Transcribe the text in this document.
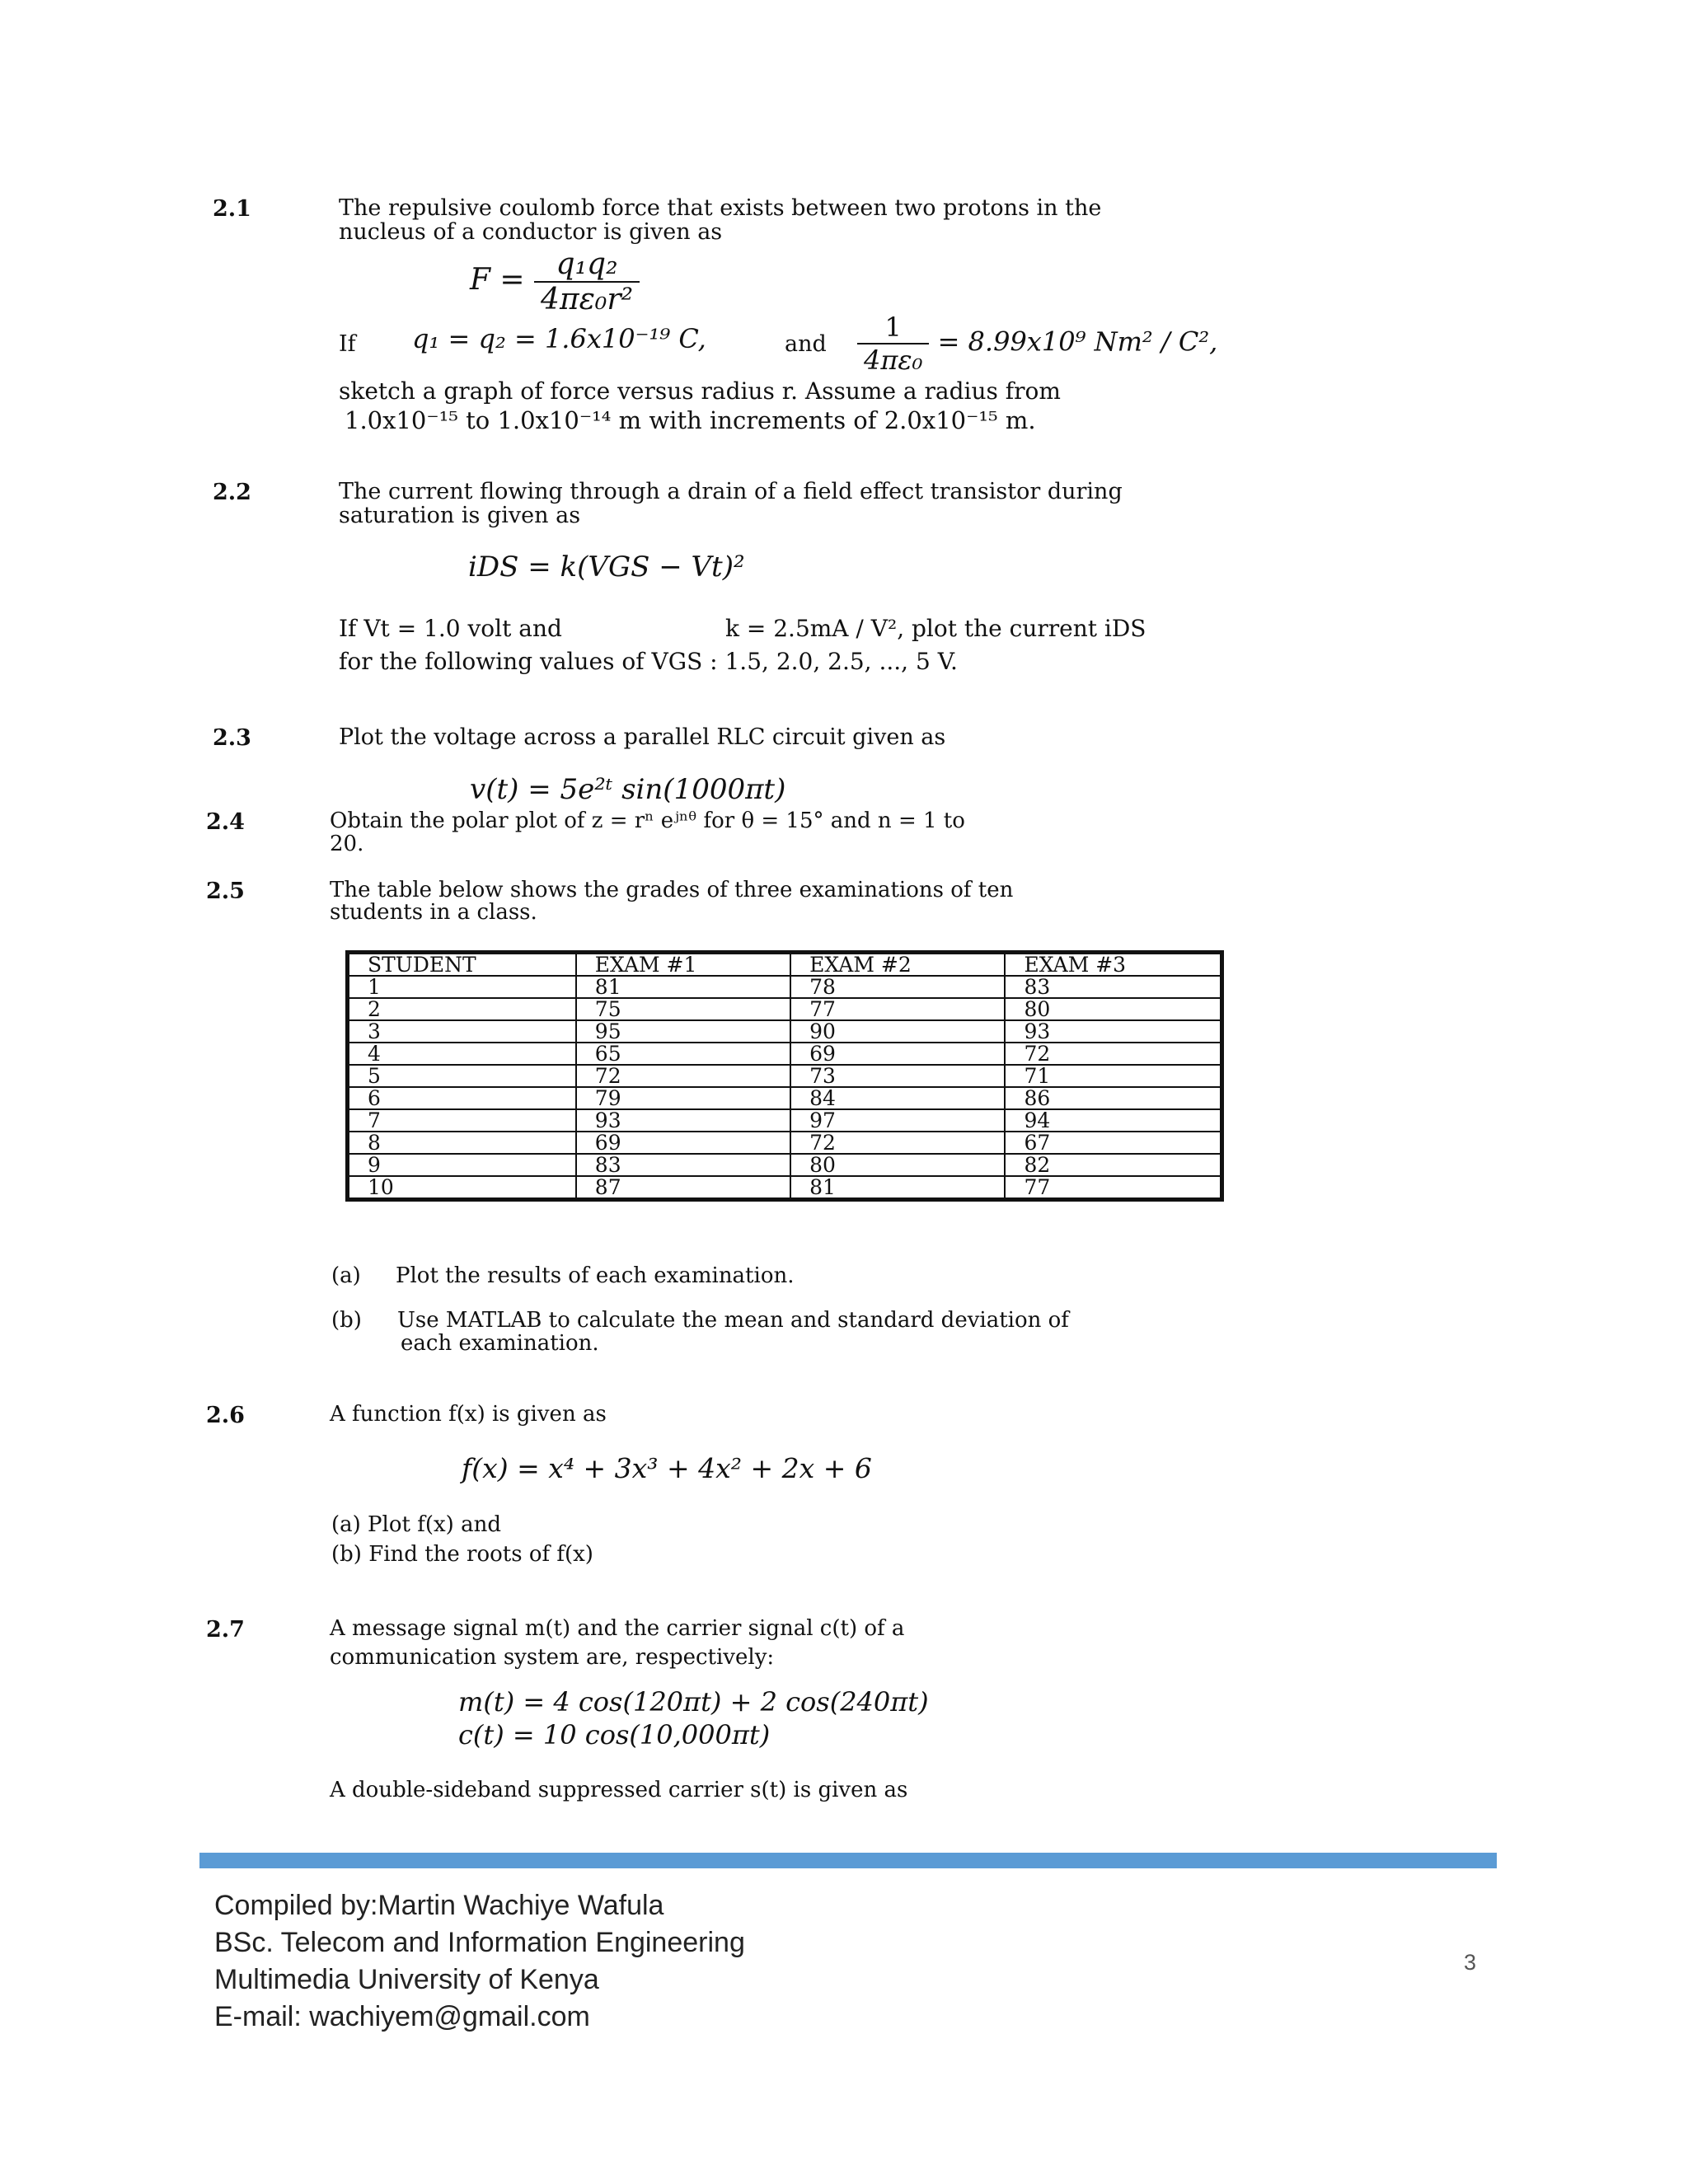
2.1	The repulsive coulomb force that exists between two protons in the
nucleus of a conductor is given as
$F = \frac{\text{q₁q₂}}{\text{4πε₀r²}}$
If q₁ = q₂ = 1.6x10⁻¹⁹ C,	and $\frac{1}{\text{4πε₀}} = 8.99x10^9$ Nm² / C²,
sketch a graph of force versus radius r. Assume a radius from
1.0x10⁻¹⁵ to 1.0x10⁻¹⁴ m with increments of 2.0x10⁻¹⁵ m.
2.2	The current flowing through a drain of a field effect transistor during
saturation is given as
iDS = k(VGS − Vt)²
If Vt = 1.0 volt and	k = 2.5mA / V², plot the current iDS
for the following values of VGS : 1.5, 2.0, 2.5, ..., 5 V.
2.3	Plot the voltage across a parallel RLC circuit given as
v(t) = 5e²ᵗ sin(1000πt)
2.4	Obtain the polar plot of z = rⁿ eʲⁿᶿ for θ = 15° and n = 1 to
20.
2.5	The table below shows the grades of three examinations of ten
students in a class.
STUDENT	EXAM #1	EXAM #2	EXAM #3
1	81	78	83
2	75	77	80
3	95	90	93
4	65	69	72
5	72	73	71
6	79	84	86
7	93	97	94
8	69	72	67
9	83	80	82
10	87	81	77
(a) Plot the results of each examination.
(b) Use MATLAB to calculate the mean and standard deviation of
each examination.
2.6	A function f(x) is given as
f(x) = x⁴ + 3x³ + 4x² + 2x + 6
(a) Plot f(x) and
(b) Find the roots of f(x)
2.7	A message signal m(t) and the carrier signal c(t) of a
communication system are, respectively:
m(t) = 4 cos(120πt) + 2 cos(240πt)
c(t) = 10 cos(10,000πt)
A double-sideband suppressed carrier s(t) is given as
Compiled by:Martin Wachiye Wafula
BSc. Telecom and Information Engineering
Multimedia University of Kenya
E-mail: wachiyem@gmail.com
3
